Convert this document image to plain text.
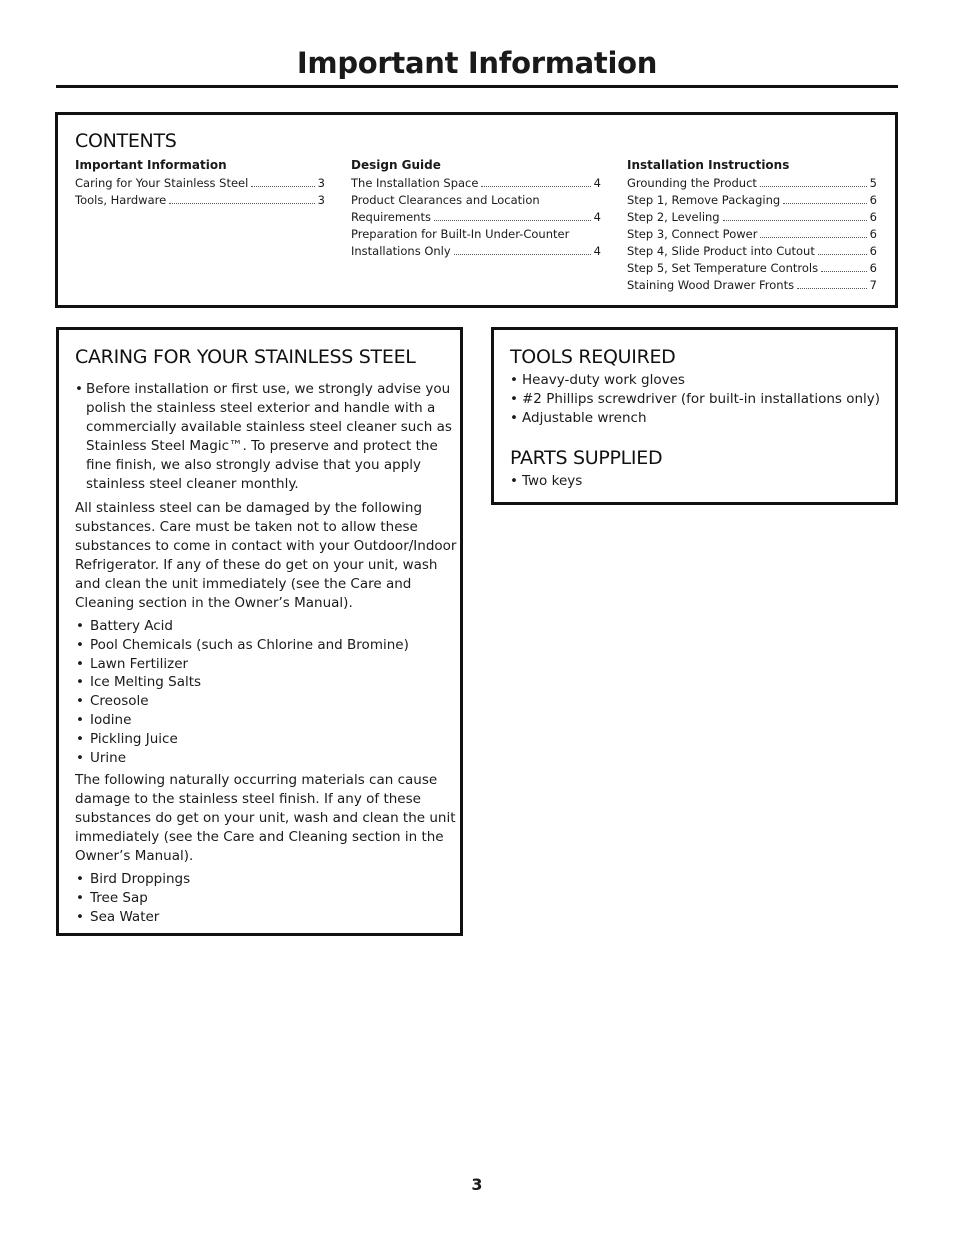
Important Information
CONTENTS
Important Information
Caring for Your Stainless Steel	3
Tools, Hardware	3
Design Guide
The Installation Space	4
Product Clearances and Location
Requirements	4
Preparation for Built-In Under-Counter
Installations Only	4
Installation Instructions
Grounding the Product	5
Step 1, Remove Packaging	6
Step 2, Leveling	6
Step 3, Connect Power	6
Step 4, Slide Product into Cutout	6
Step 5, Set Temperature Controls	6
Staining Wood Drawer Fronts	7
CARING FOR YOUR STAINLESS STEEL
• Before installation or first use, we strongly advise you polish the stainless steel exterior and handle with a commercially available stainless steel cleaner such as Stainless Steel Magic™. To preserve and protect the fine finish, we also strongly advise that you apply stainless steel cleaner monthly.
All stainless steel can be damaged by the following substances. Care must be taken not to allow these substances to come in contact with your Outdoor/Indoor Refrigerator. If any of these do get on your unit, wash and clean the unit immediately (see the Care and Cleaning section in the Owner’s Manual).
• Battery Acid
• Pool Chemicals (such as Chlorine and Bromine)
• Lawn Fertilizer
• Ice Melting Salts
• Creosole
• Iodine
• Pickling Juice
• Urine
The following naturally occurring materials can cause damage to the stainless steel finish. If any of these substances do get on your unit, wash and clean the unit immediately (see the Care and Cleaning section in the Owner’s Manual).
• Bird Droppings
• Tree Sap
• Sea Water
TOOLS REQUIRED
• Heavy-duty work gloves
• #2 Phillips screwdriver (for built-in installations only)
• Adjustable wrench
PARTS SUPPLIED
• Two keys
3
